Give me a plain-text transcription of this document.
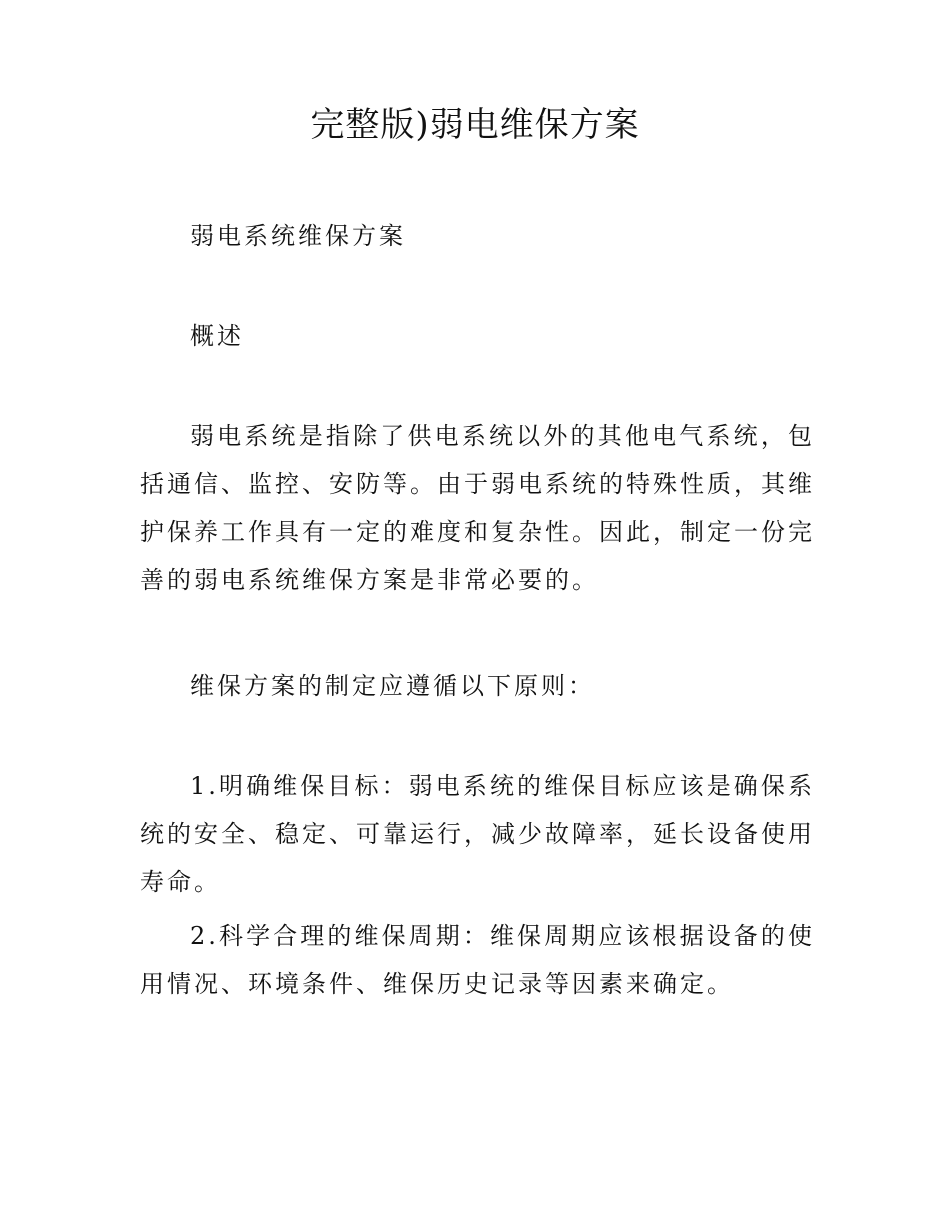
完整版)弱电维保方案

弱电系统维保方案

概述

弱电系统是指除了供电系统以外的其他电气系统，包括通信、监控、安防等。由于弱电系统的特殊性质，其维护保养工作具有一定的难度和复杂性。因此，制定一份完善的弱电系统维保方案是非常必要的。

维保方案的制定应遵循以下原则：

1.明确维保目标：弱电系统的维保目标应该是确保系统的安全、稳定、可靠运行，减少故障率，延长设备使用寿命。

2.科学合理的维保周期：维保周期应该根据设备的使用情况、环境条件、维保历史记录等因素来确定。
